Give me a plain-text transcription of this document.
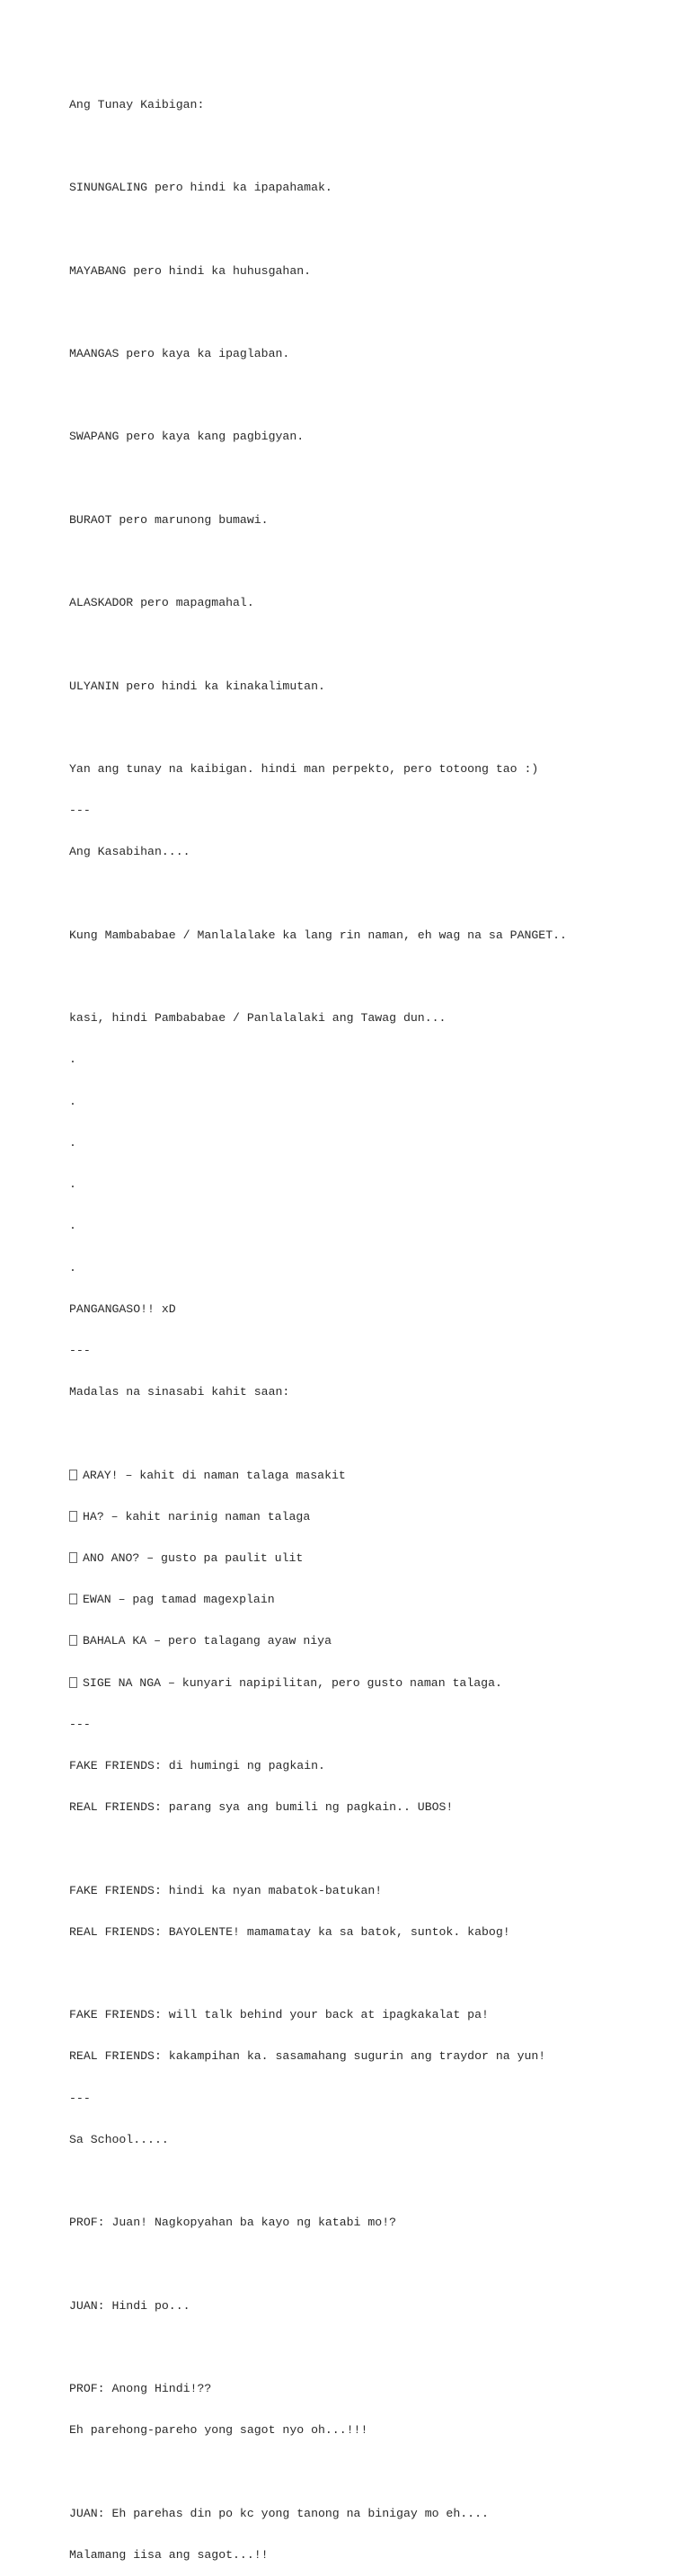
Ang Tunay Kaibigan:

SINUNGALING pero hindi ka ipapahamak.

MAYABANG pero hindi ka huhusgahan.

MAANGAS pero kaya ka ipaglaban.

SWAPANG pero kaya kang pagbigyan.

BURAOT pero marunong bumawi.

ALASKADOR pero mapagmahal.

ULYANIN pero hindi ka kinakalimutan.

Yan ang tunay na kaibigan. hindi man perpekto, pero totoong tao :)

---

Ang Kasabihan....

Kung Mambababae / Manlalalake ka lang rin naman, eh wag na sa PANGET..

kasi, hindi Pambababae / Panlalalaki ang Tawag dun...

.

.

.

.

.

.

PANGANGASO!! xD

---

Madalas na sinasabi kahit saan:

ARAY! – kahit di naman talaga masakit

HA? – kahit narinig naman talaga

ANO ANO? – gusto pa paulit ulit

EWAN – pag tamad magexplain

BAHALA KA – pero talagang ayaw niya

SIGE NA NGA – kunyari napipilitan, pero gusto naman talaga.

---

FAKE FRIENDS: di humingi ng pagkain.

REAL FRIENDS: parang sya ang bumili ng pagkain.. UBOS!

FAKE FRIENDS: hindi ka nyan mabatok-batukan!

REAL FRIENDS: BAYOLENTE! mamamatay ka sa batok, suntok. kabog!

FAKE FRIENDS: will talk behind your back at ipagkakalat pa!

REAL FRIENDS: kakampihan ka. sasamahang sugurin ang traydor na yun!

---

Sa School.....

PROF: Juan! Nagkopyahan ba kayo ng katabi mo!?

JUAN: Hindi po...

PROF: Anong Hindi!??

Eh parehong-pareho yong sagot nyo oh...!!!

JUAN: Eh parehas din po kc yong tanong na binigay mo eh....

Malamang iisa ang sagot...!!
